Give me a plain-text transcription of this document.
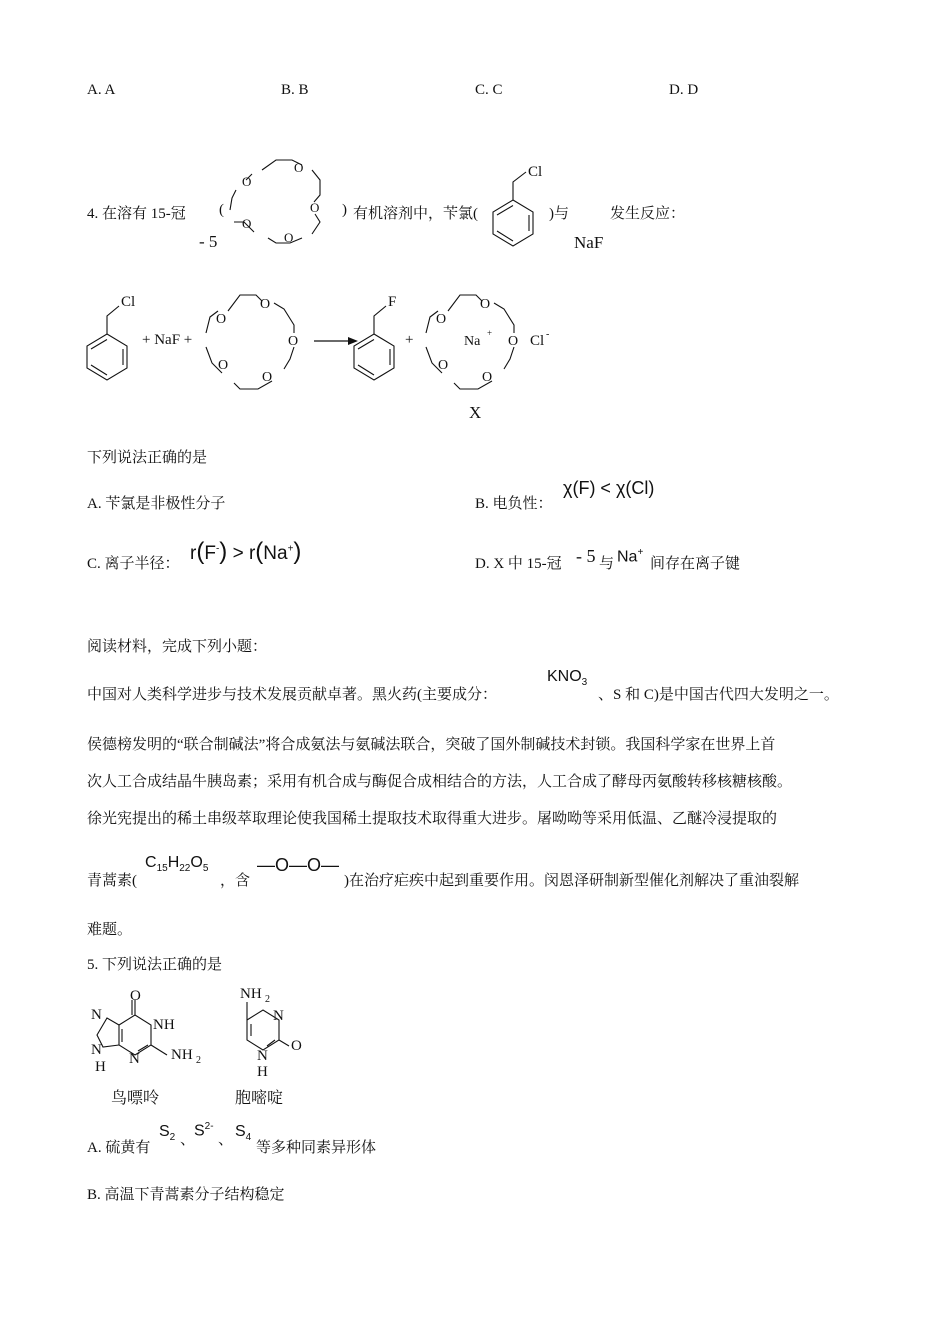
A. A	B. B	C. C	D. D
4. 在溶有 15-冠
- 5
(	) 有机溶剂中，苄氯(	)与
NaF
发生反应：
O
O
O
O
O
Cl
Cl
+ NaF +
O
O
O
O
O
F
+
O
O
O
O
O
Na
+	Cl -
X
下列说法正确的是
A. 苄氯是非极性分子	B. 电负性：
χ(F) < χ(Cl)
C. 离子半径： r(F-) > r(Na+)	D. X 中 15-冠 - 5 与 Na+
间存在离子键
阅读材料，完成下列小题：
中国对人类科学进步与技术发展贡献卓著。黑火药(主要成分：
$KNO_3$
、S 和 C)是中国古代四大发明之一。
侯德榜发明的“联合制碱法”将合成氨法与氨碱法联合，突破了国外制碱技术封锁。我国科学家在世界上首
次人工合成结晶牛胰岛素；采用有机合成与酶促合成相结合的方法，人工合成了酵母丙氨酸转移核糖核酸。
徐光宪提出的稀土串级萃取理论使我国稀土提取技术取得重大进步。屠呦呦等采用低温、乙醚冷浸提取的
青蒿素(
$C_{15}H_{22}O_5$
，含
—O—O—
)在治疗疟疾中起到重要作用。闵恩泽研制新型催化剂解决了重油裂解
难题。
5. 下列说法正确的是
O
NH
N
N
N
H
NH 2
鸟嘌呤
NH 2
N
O
N
H
胞嘧啶
A. 硫黄有
$S_2$ 、
$S^{2-}$
、 $S_4$
等多种同素异形体
B. 高温下青蒿素分子结构稳定
